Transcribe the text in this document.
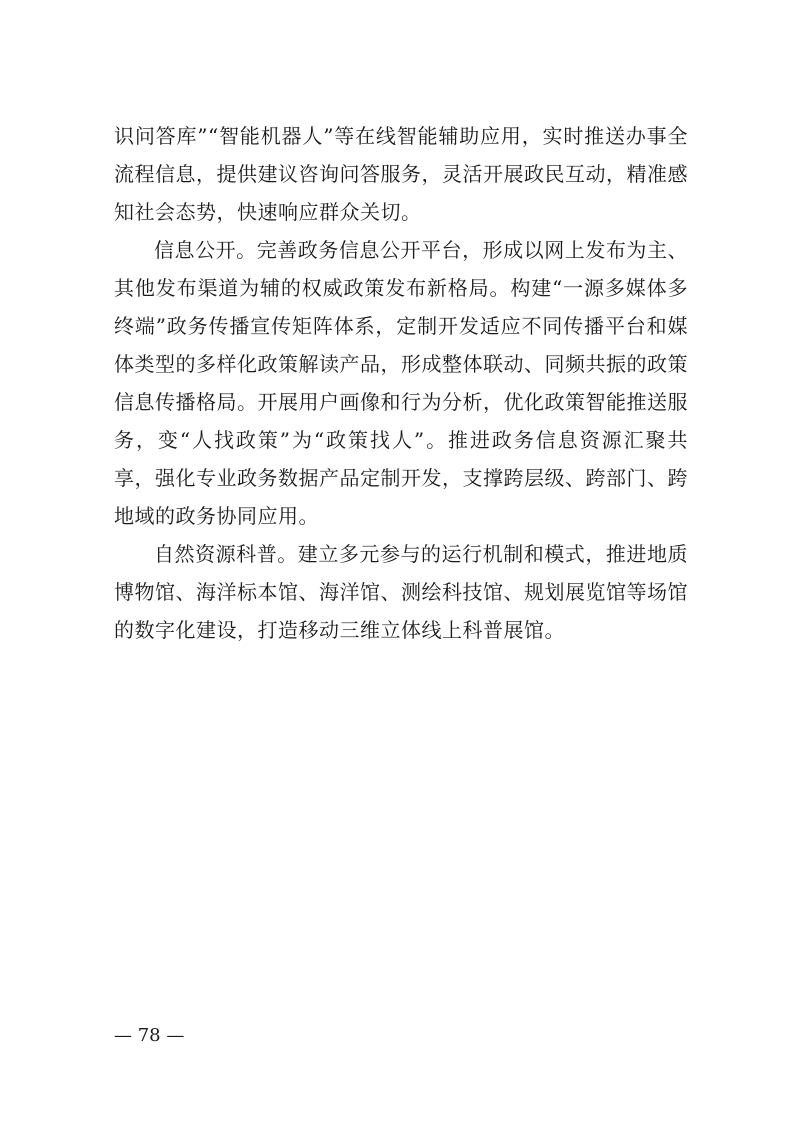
识问答库”“智能机器人”等在线智能辅助应用，实时推送办事全流程信息，提供建议咨询问答服务，灵活开展政民互动，精准感知社会态势，快速响应群众关切。

信息公开。完善政务信息公开平台，形成以网上发布为主、其他发布渠道为辅的权威政策发布新格局。构建“一源多媒体多终端”政务传播宣传矩阵体系，定制开发适应不同传播平台和媒体类型的多样化政策解读产品，形成整体联动、同频共振的政策信息传播格局。开展用户画像和行为分析，优化政策智能推送服务，变“人找政策”为“政策找人”。推进政务信息资源汇聚共享，强化专业政务数据产品定制开发，支撑跨层级、跨部门、跨地域的政务协同应用。

自然资源科普。建立多元参与的运行机制和模式，推进地质博物馆、海洋标本馆、海洋馆、测绘科技馆、规划展览馆等场馆的数字化建设，打造移动三维立体线上科普展馆。

— 78 —
